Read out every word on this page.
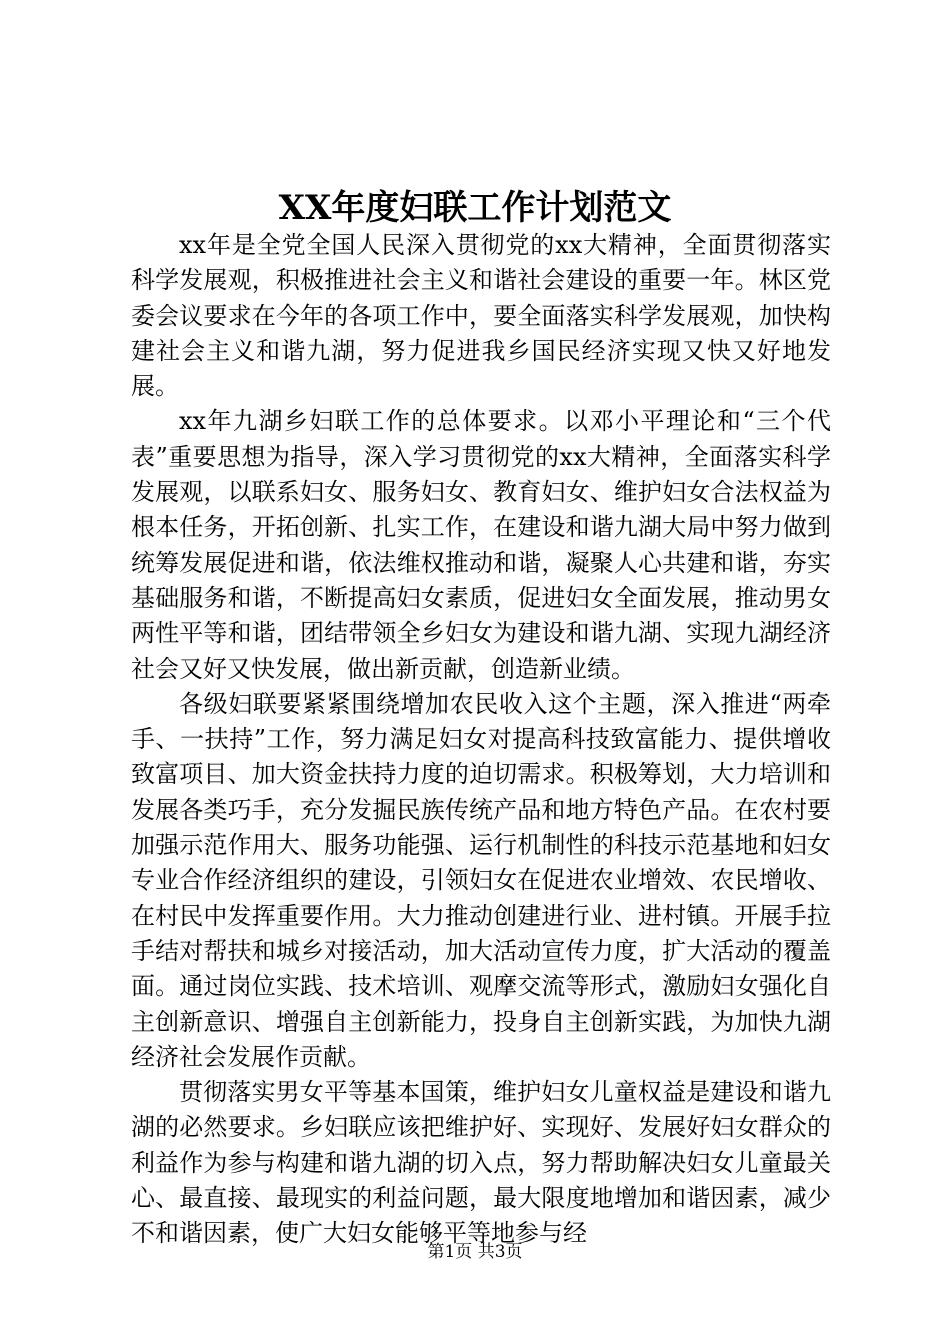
XX年度妇联工作计划范文

xx年是全党全国人民深入贯彻党的xx大精神，全面贯彻落实科学发展观，积极推进社会主义和谐社会建设的重要一年。林区党委会议要求在今年的各项工作中，要全面落实科学发展观，加快构建社会主义和谐九湖，努力促进我乡国民经济实现又快又好地发展。

xx年九湖乡妇联工作的总体要求。以邓小平理论和“三个代表”重要思想为指导，深入学习贯彻党的xx大精神，全面落实科学发展观，以联系妇女、服务妇女、教育妇女、维护妇女合法权益为根本任务，开拓创新、扎实工作，在建设和谐九湖大局中努力做到统筹发展促进和谐，依法维权推动和谐，凝聚人心共建和谐，夯实基础服务和谐，不断提高妇女素质，促进妇女全面发展，推动男女两性平等和谐，团结带领全乡妇女为建设和谐九湖、实现九湖经济社会又好又快发展，做出新贡献，创造新业绩。

各级妇联要紧紧围绕增加农民收入这个主题，深入推进“两牵手、一扶持”工作，努力满足妇女对提高科技致富能力、提供增收致富项目、加大资金扶持力度的迫切需求。积极筹划，大力培训和发展各类巧手，充分发掘民族传统产品和地方特色产品。在农村要加强示范作用大、服务功能强、运行机制性的科技示范基地和妇女专业合作经济组织的建设，引领妇女在促进农业增效、农民增收、在村民中发挥重要作用。大力推动创建进行业、进村镇。开展手拉手结对帮扶和城乡对接活动，加大活动宣传力度，扩大活动的覆盖面。通过岗位实践、技术培训、观摩交流等形式，激励妇女强化自主创新意识、增强自主创新能力，投身自主创新实践，为加快九湖经济社会发展作贡献。

贯彻落实男女平等基本国策，维护妇女儿童权益是建设和谐九湖的必然要求。乡妇联应该把维护好、实现好、发展好妇女群众的利益作为参与构建和谐九湖的切入点，努力帮助解决妇女儿童最关心、最直接、最现实的利益问题，最大限度地增加和谐因素，减少不和谐因素，使广大妇女能够平等地参与经

第1页 共3页
